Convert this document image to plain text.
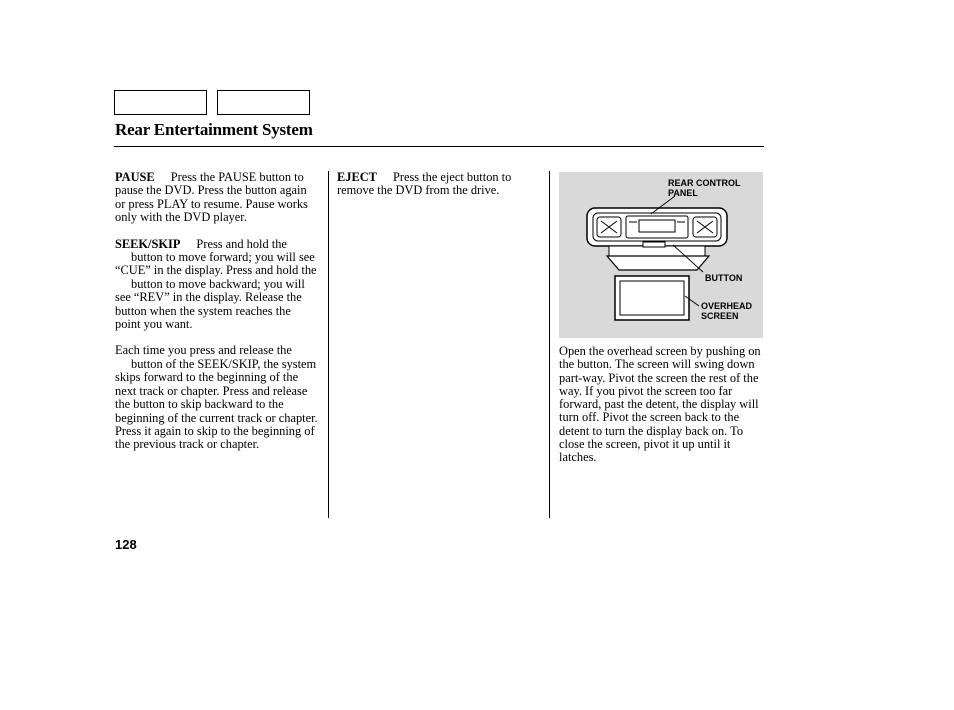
Rear Entertainment System

PAUSE Press the PAUSE button to pause the DVD. Press the button again or press PLAY to resume. Pause works only with the DVD player.

SEEK/SKIP Press and hold the
button to move forward; you will see “CUE” in the display. Press and hold thebutton to move backward; you will see “REV” in the display. Release the button when the system reaches the point you want.

Each time you press and release the
button of the SEEK/SKIP, the system skips forward to the beginning of the next track or chapter. Press and release the button to skip backward to the beginning of the current track or chapter. Press it again to skip to the beginning of the previous track or chapter.

EJECT Press the eject button to remove the DVD from the drive.

REAR CONTROL PANEL
BUTTON
OVERHEAD SCREEN
Open the overhead screen by pushing on the button. The screen will swing down part-way. Pivot the screen the rest of the way. If you pivot the screen too far forward, past the detent, the display will turn off. Pivot the screen back to the detent to turn the display back on. To close the screen, pivot it up until it latches.
128
